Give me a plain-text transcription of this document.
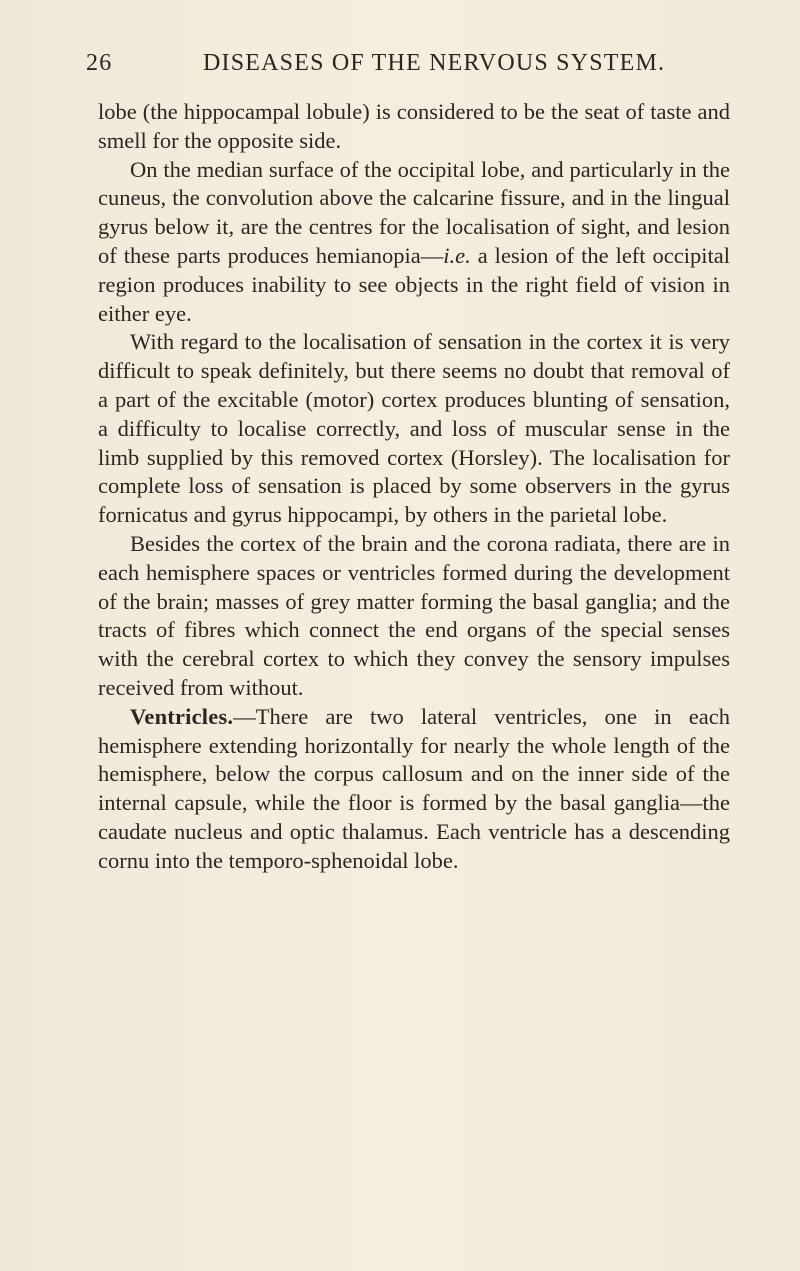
26	DISEASES OF THE NERVOUS SYSTEM.

lobe (the hippocampal lobule) is considered to be the seat of taste and smell for the opposite side.

On the median surface of the occipital lobe, and particularly in the cuneus, the convolution above the calcarine fissure, and in the lingual gyrus below it, are the centres for the localisation of sight, and lesion of these parts produces hemianopia—i.e. a lesion of the left occipital region produces inability to see objects in the right field of vision in either eye.

With regard to the localisation of sensation in the cortex it is very difficult to speak definitely, but there seems no doubt that removal of a part of the excitable (motor) cortex produces blunting of sensation, a difficulty to localise correctly, and loss of muscular sense in the limb supplied by this removed cortex (Horsley). The localisation for complete loss of sensation is placed by some observers in the gyrus fornicatus and gyrus hippocampi, by others in the parietal lobe.

Besides the cortex of the brain and the corona radiata, there are in each hemisphere spaces or ventricles formed during the development of the brain; masses of grey matter forming the basal ganglia; and the tracts of fibres which connect the end organs of the special senses with the cerebral cortex to which they convey the sensory impulses received from without.

Ventricles.—There are two lateral ventricles, one in each hemisphere extending horizontally for nearly the whole length of the hemisphere, below the corpus callosum and on the inner side of the internal capsule, while the floor is formed by the basal ganglia—the caudate nucleus and optic thalamus. Each ventricle has a descending cornu into the temporo-sphenoidal lobe.
